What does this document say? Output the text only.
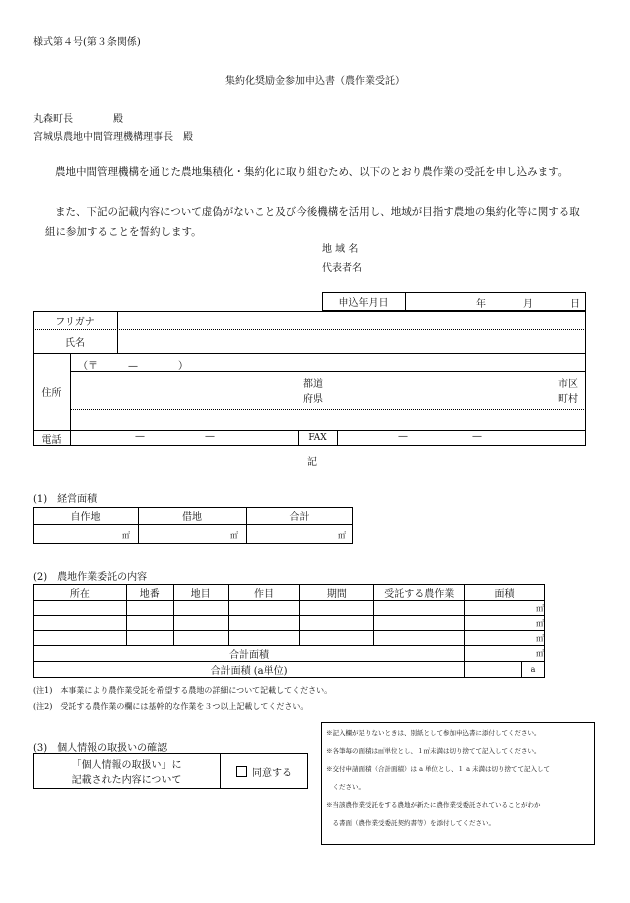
様式第４号(第３条関係)
集約化奨励金参加申込書（農作業受託）
丸森町長	殿
宮城県農地中間管理機構理事長　殿
農地中間管理機構を通じた農地集積化・集約化に取り組むため、以下のとおり農作業の受託を申し込みます。
また、下記の記載内容について虚偽がないこと及び今後機構を活用し、地域が目指す農地の集約化等に関する取組に参加することを誓約します。
地 域 名
代表者名
申込年月日	年	月	日
フリガナ
氏名
住所
（〒　　　—　　　　）
都道
府県
市区
町村
電話	—	—	FAX	—	—
記
(1)　経営面積
自作地	借地	合計
㎡	㎡	㎡
(2)　農地作業委託の内容
所在	地番	地目	作目	期間	受託する農作業	面積	
							㎡
							㎡
							㎡
合計面積							㎡
合計面積 (a単位)							a
(注1)　本事業により農作業受託を希望する農地の詳細について記載してください。
(注2)　受託する農作業の欄には基幹的な作業を３つ以上記載してください。
(3)　個人情報の取扱いの確認
「個人情報の取扱い」に
記載された内容について
同意する
※記入欄が足りないときは、別紙として参加申込書に添付してください。
※各筆毎の面積は㎡単位とし、１㎡未満は切り捨てて記入してください。
※交付申請面積（合計面積）は a 単位とし、１ a 未満は切り捨てて記入して
　ください。
※当該農作業受託をする農地が新たに農作業受委託されていることがわか
　る書面（農作業受委託契約書等）を添付してください。
